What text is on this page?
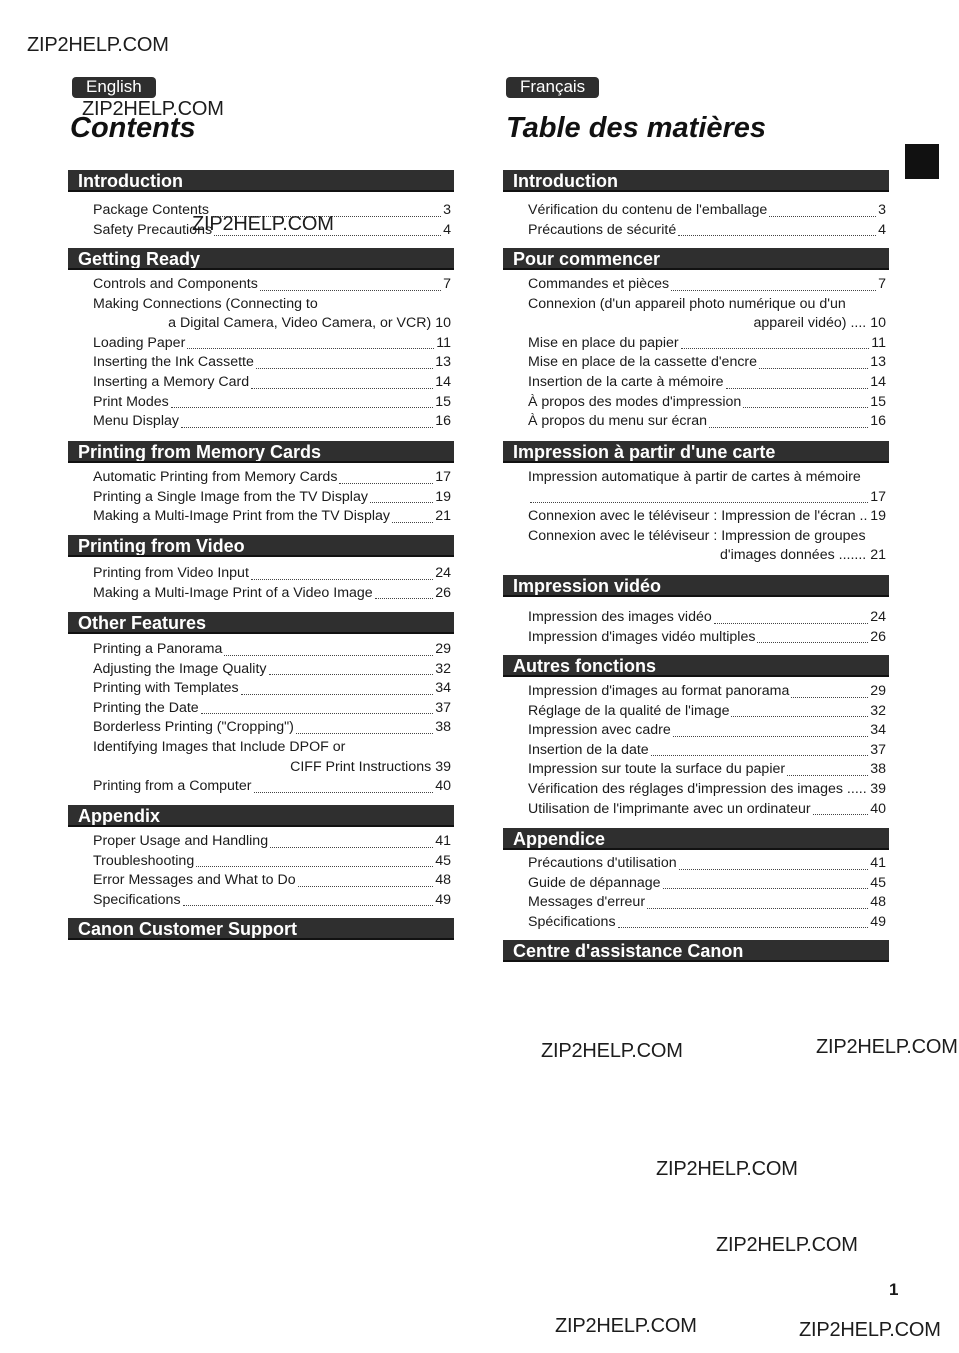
ZIP2HELP.COM
ZIP2HELP.COM
ZIP2HELP.COM
ZIP2HELP.COM	ZIP2HELP.COM
ZIP2HELP.COM
ZIP2HELP.COM
ZIP2HELP.COM	ZIP2HELP.COM
English
Contents
Introduction
Package Contents	3
Safety Precautions	4
Getting Ready
Controls and Components	7
Making Connections (Connecting to
a Digital Camera, Video Camera, or VCR) 10
Loading Paper	11
Inserting the Ink Cassette	13
Inserting a Memory Card	14
Print Modes	15
Menu Display	16
Printing from Memory Cards
Automatic Printing from Memory Cards	17
Printing a Single Image from the TV Display	19
Making a Multi-Image Print from the TV Display	21
Printing from Video
Printing from Video Input	24
Making a Multi-Image Print of a Video Image	26
Other Features
Printing a Panorama	29
Adjusting the Image Quality	32
Printing with Templates	34
Printing the Date	37
Borderless Printing ("Cropping")	38
Identifying Images that Include DPOF or
CIFF Print Instructions 39
Printing from a Computer	40
Appendix
Proper Usage and Handling	41
Troubleshooting	45
Error Messages and What to Do	48
Specifications	49
Canon Customer Support
Français
Table des matières
Introduction
Vérification du contenu de l'emballage	3
Précautions de sécurité	4
Pour commencer
Commandes et pièces	7
Connexion (d'un appareil photo numérique ou d'un
appareil vidéo) .... 10
Mise en place du papier	11
Mise en place de la cassette d'encre	13
Insertion de la carte à mémoire	14
À propos des modes d'impression	15
À propos du menu sur écran	16
Impression à partir d'une carte
Impression automatique à partir de cartes à mémoire
17
Connexion avec le téléviseur : Impression de l'écran .. 19
Connexion avec le téléviseur : Impression de groupes
d'images données ....... 21
Impression vidéo
Impression des images vidéo	24
Impression d'images vidéo multiples	26
Autres fonctions
Impression d'images au format panorama	29
Réglage de la qualité de l'image	32
Impression avec cadre	34
Insertion de la date	37
Impression sur toute la surface du papier	38
Vérification des réglages d'impression des images ..... 39
Utilisation de l'imprimante avec un ordinateur	40
Appendice
Précautions d'utilisation	41
Guide de dépannage	45
Messages d'erreur	48
Spécifications	49
Centre d'assistance Canon
1
